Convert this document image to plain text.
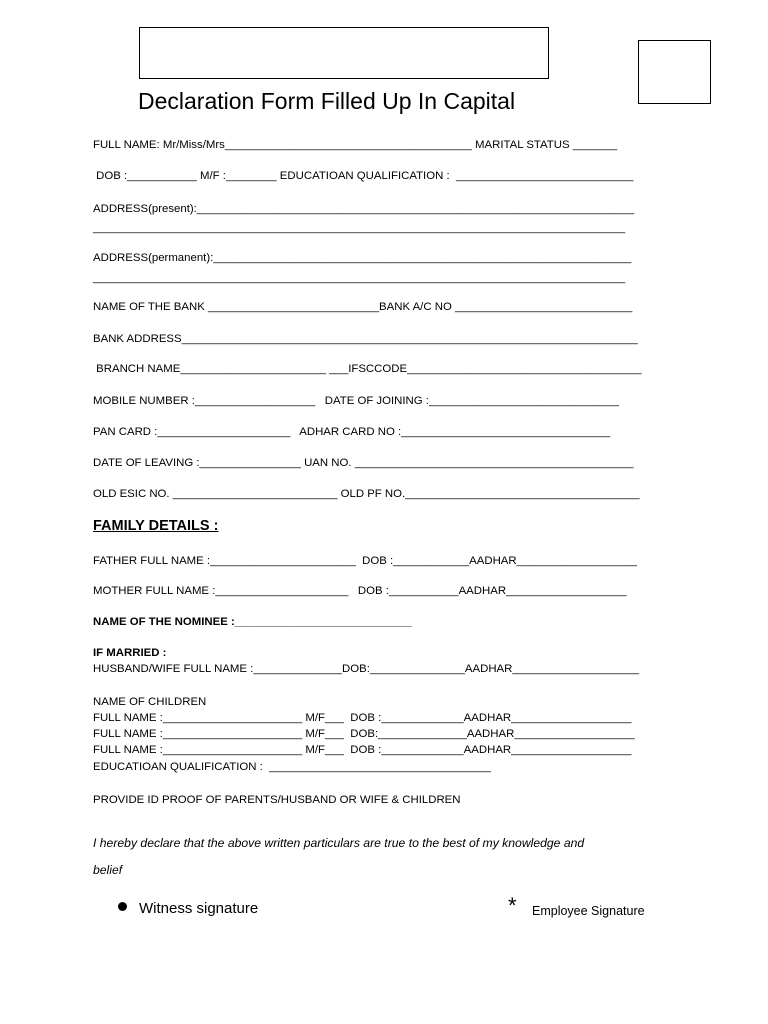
Declaration Form Filled Up In Capital
FULL NAME: Mr/Miss/Mrs_______________________________________ MARITAL STATUS _______
DOB :___________ M/F :________ EDUCATIOAN QUALIFICATION :  ____________________________
ADDRESS(present):_____________________________________________________________________
____________________________________________________________________________________
ADDRESS(permanent):__________________________________________________________________
____________________________________________________________________________________
NAME OF THE BANK ___________________________BANK A/C NO ____________________________
BANK ADDRESS________________________________________________________________________
BRANCH NAME_______________________ ___IFSCCODE_____________________________________
MOBILE NUMBER :___________________   DATE OF JOINING :______________________________
PAN CARD :_____________________   ADHAR CARD NO :_________________________________
DATE OF LEAVING :________________ UAN NO. ____________________________________________
OLD ESIC NO. __________________________ OLD PF NO._____________________________________
FAMILY DETAILS :
FATHER FULL NAME :_______________________  DOB :____________AADHAR___________________
MOTHER FULL NAME :_____________________   DOB :___________AADHAR___________________
NAME OF THE NOMINEE :____________________________
IF MARRIED :
HUSBAND/WIFE FULL NAME :______________DOB:_______________AADHAR____________________
NAME OF CHILDREN
FULL NAME :______________________ M/F___  DOB :_____________AADHAR___________________
FULL NAME :______________________ M/F___  DOB:______________AADHAR___________________
FULL NAME :______________________ M/F___  DOB :_____________AADHAR___________________
EDUCATIOAN QUALIFICATION :  ___________________________________
PROVIDE ID PROOF OF PARENTS/HUSBAND OR WIFE & CHILDREN
I hereby declare that the above written particulars are true to the best of my knowledge and
belief
Witness signature	* Employee Signature
